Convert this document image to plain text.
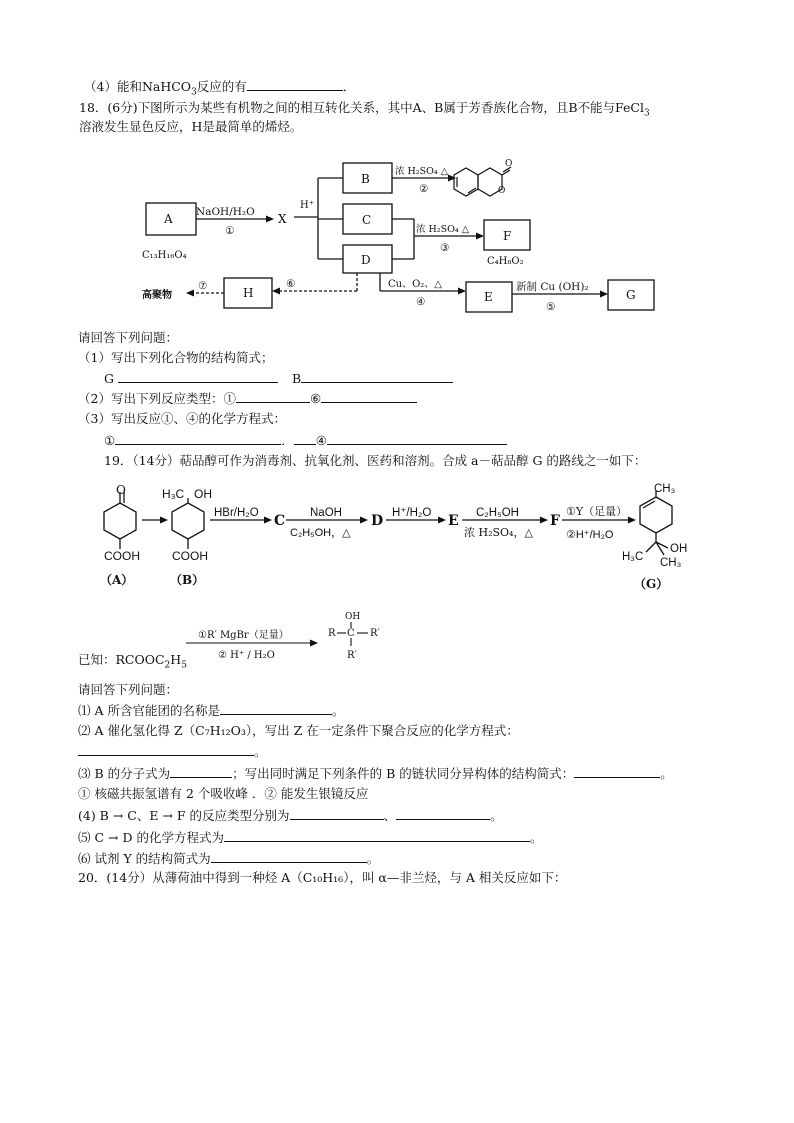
（4）能和NaHCO$_3$反应的有	．
18．(6分)下图所示为某些有机物之间的相互转化关系，其中A、B属于芳香族化合物，且B不能与FeCl$_3$
溶液发生显色反应，H是最简单的烯烃。
O
O
A
B
C
D
F
E	G
H
X
C₁₃H₁₆O₄
C₄H₈O₂
高聚物
NaOH/H₂O
①
H⁺
浓 H₂SO₄ △
②
浓 H₂SO₄ △
③
Cu、O₂、△
④
新制 Cu (OH)₂
⑤
⑥
⑦
请回答下列问题：
（1）写出下列化合物的结构简式；
G	B
（2）写出下列反应类型：①	⑥
（3）写出反应①、④的化学方程式：
①	． ④
19．（14分）萜品醇可作为消毒剂、抗氧化剂、医药和溶剂。合成 a－萜品醇 G 的路线之一如下：
O
COOH
H₃C OH
COOH
（A）	（B）
HBr/H₂O C NaOH
C₂H₅OH，△
D H⁺/H₂O E C₂H₅OH
浓 H₂SO₄，△
F
①Y（足量）
②H⁺/H₂O
CH₃
H₃C
OH
CH₃
（G）
①R′ MgBr（足量）
② H⁺ / H₂O
OH
R C R′
R′
已知：$RCOOC_2H_5$
请回答下列问题：
⑴ A 所含官能团的名称是	。
⑵ A 催化氢化得 Z（C₇H₁₂O₃），写出 Z 在一定条件下聚合反应的化学方程式：
。
⑶ B 的分子式为	；写出同时满足下列条件的 B 的链状同分异构体的结构简式：	。
① 核磁共振氢谱有 2 个吸收峰 ．② 能发生银镜反应
(4) B → C、E → F 的反应类型分别为	、	。
⑸ C → D 的化学方程式为	。
⑹ 试剂 Y 的结构简式为	。
20．(14分）从薄荷油中得到一种烃 A（C₁₀H₁₆），叫 α—非兰烃，与 A 相关反应如下：
